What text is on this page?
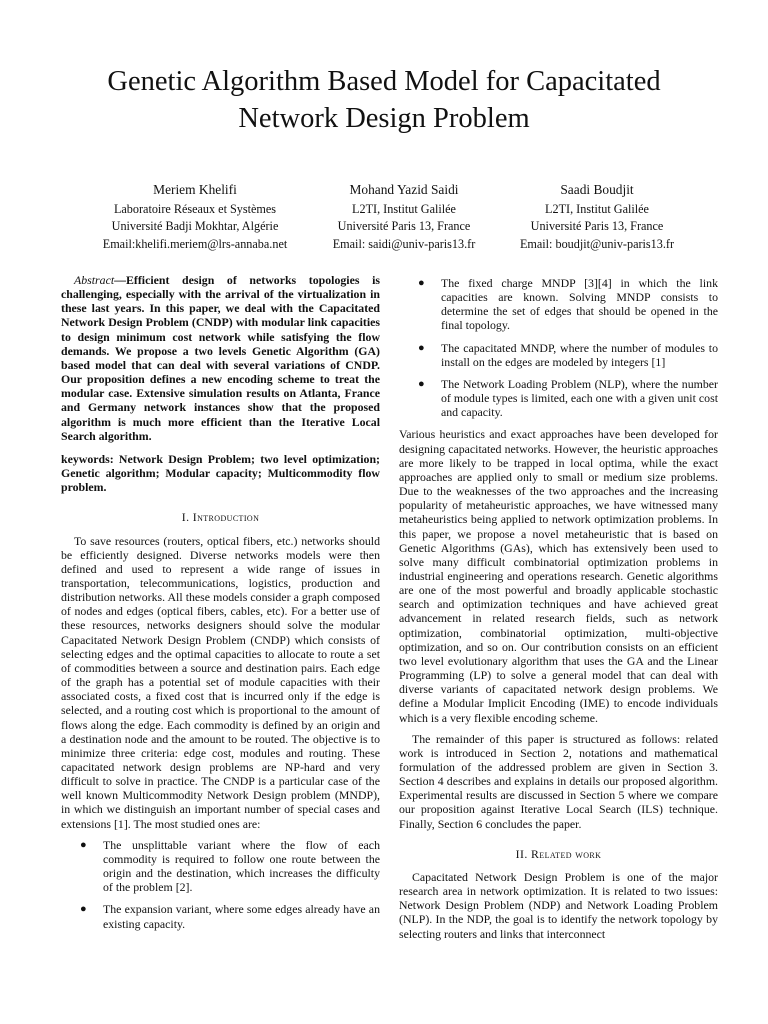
Genetic Algorithm Based Model for Capacitated
Network Design Problem
Meriem Khelifi
Laboratoire Réseaux et Systèmes
Université Badji Mokhtar, Algérie
Email:khelifi.meriem@lrs-annaba.net
Mohand Yazid Saidi
L2TI, Institut Galilée
Université Paris 13, France
Email: saidi@univ-paris13.fr
Saadi Boudjit
L2TI, Institut Galilée
Université Paris 13, France
Email: boudjit@univ-paris13.fr

Abstract—Efficient design of networks topologies is challenging, especially with the arrival of the virtualization in these last years. In this paper, we deal with the Capacitated Network Design Problem (CNDP) with modular link capacities to design minimum cost network while satisfying the flow demands. We propose a two levels Genetic Algorithm (GA) based model that can deal with several variations of CNDP. Our proposition defines a new encoding scheme to treat the modular case. Extensive simulation results on Atlanta, France and Germany network instances show that the proposed algorithm is much more efficient than the Iterative Local Search algorithm.

keywords: Network Design Problem; two level optimization; Genetic algorithm; Modular capacity; Multicommodity flow problem.

I. Introduction

To save resources (routers, optical fibers, etc.) networks should be efficiently designed. Diverse networks models were then defined and used to represent a wide range of issues in transportation, telecommunications, logistics, production and distribution networks. All these models consider a graph composed of nodes and edges (optical fibers, cables, etc). For a better use of these resources, networks designers should solve the modular Capacitated Network Design Problem (CNDP) which consists of selecting edges and the optimal capacities to allocate to route a set of commodities between a source and destination pairs. Each edge of the graph has a potential set of module capacities with their associated costs, a fixed cost that is incurred only if the edge is selected, and a routing cost which is proportional to the amount of flows along the edge. Each commodity is defined by an origin and a destination node and the amount to be routed. The objective is to minimize three criteria: edge cost, modules and routing. These capacitated network design problems are NP-hard and very difficult to solve in practice. The CNDP is a particular case of the well known Multicommodity Network Design problem (MNDP), in which we distinguish an important number of special cases and extensions [1]. The most studied ones are:

● The unsplittable variant where the flow of each commodity is required to follow one route between the origin and the destination, which increases the difficulty of the problem [2].
● The expansion variant, where some edges already have an existing capacity.
● The fixed charge MNDP [3][4] in which the link capacities are known. Solving MNDP consists to determine the set of edges that should be opened in the final topology.
● The capacitated MNDP, where the number of modules to install on the edges are modeled by integers [1]
● The Network Loading Problem (NLP), where the number of module types is limited, each one with a given unit cost and capacity.

Various heuristics and exact approaches have been developed for designing capacitated networks. However, the heuristic approaches are more likely to be trapped in local optima, while the exact approaches are applied only to small or medium size problems. Due to the weaknesses of the two approaches and the increasing popularity of metaheuristic approaches, we have witnessed many metaheuristics being applied to network optimization problems. In this paper, we propose a novel metaheuristic that is based on Genetic Algorithms (GAs), which has extensively been used to solve many difficult combinatorial optimization problems in industrial engineering and operations research. Genetic algorithms are one of the most powerful and broadly applicable stochastic search and optimization techniques and have achieved great advancement in related research fields, such as network optimization, combinatorial optimization, multi-objective optimization, and so on. Our contribution consists on an efficient two level evolutionary algorithm that uses the GA and the Linear Programming (LP) to solve a general model that can deal with diverse variants of capacitated network design problems. We define a Modular Implicit Encoding (IME) to encode individuals which is a very flexible encoding scheme.

The remainder of this paper is structured as follows: related work is introduced in Section 2, notations and mathematical formulation of the addressed problem are given in Section 3. Section 4 describes and explains in details our proposed algorithm. Experimental results are discussed in Section 5 where we compare our proposition against Iterative Local Search (ILS) technique. Finally, Section 6 concludes the paper.

II. Related work

Capacitated Network Design Problem is one of the major research area in network optimization. It is related to two issues: Network Design Problem (NDP) and Network Loading Problem (NLP). In the NDP, the goal is to identify the network topology by selecting routers and links that interconnect
